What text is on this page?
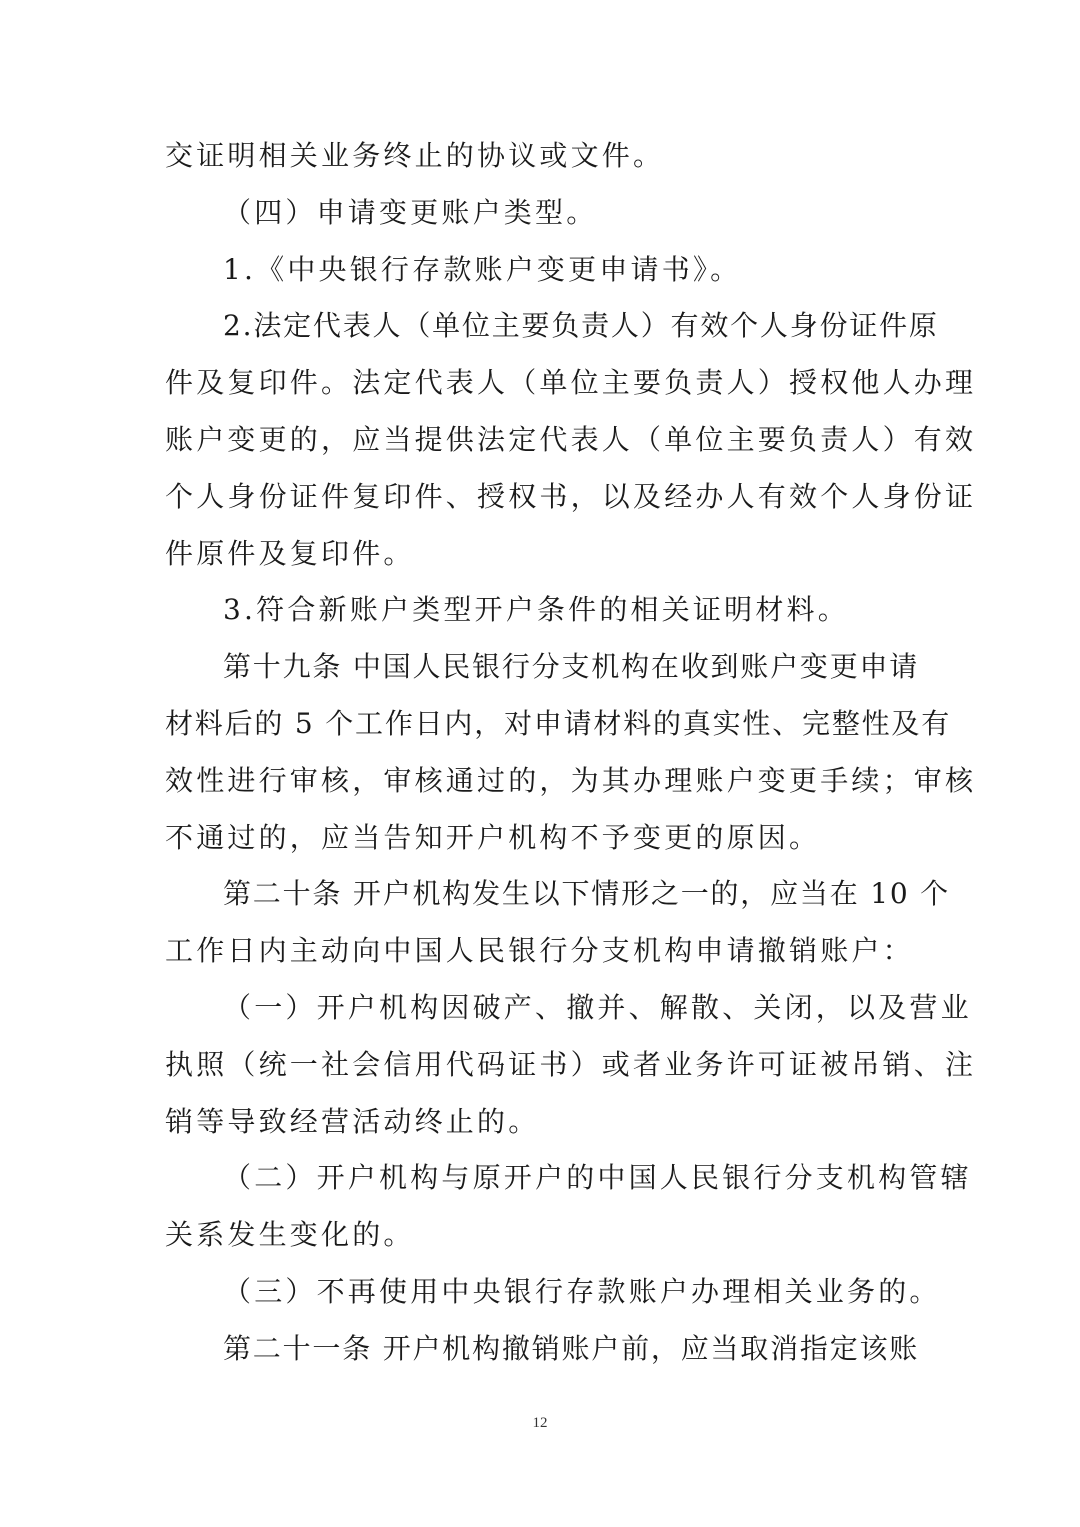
交证明相关业务终止的协议或文件。
（四）申请变更账户类型。
1.《中央银行存款账户变更申请书》。
2.法定代表人（单位主要负责人）有效个人身份证件原
件及复印件。法定代表人（单位主要负责人）授权他人办理
账户变更的，应当提供法定代表人（单位主要负责人）有效
个人身份证件复印件、授权书，以及经办人有效个人身份证
件原件及复印件。
3.符合新账户类型开户条件的相关证明材料。
第十九条 中国人民银行分支机构在收到账户变更申请
材料后的 5 个工作日内，对申请材料的真实性、完整性及有
效性进行审核，审核通过的，为其办理账户变更手续；审核
不通过的，应当告知开户机构不予变更的原因。
第二十条 开户机构发生以下情形之一的，应当在 10 个
工作日内主动向中国人民银行分支机构申请撤销账户：
（一）开户机构因破产、撤并、解散、关闭，以及营业
执照（统一社会信用代码证书）或者业务许可证被吊销、注
销等导致经营活动终止的。
（二）开户机构与原开户的中国人民银行分支机构管辖
关系发生变化的。
（三）不再使用中央银行存款账户办理相关业务的。
第二十一条 开户机构撤销账户前，应当取消指定该账
12
